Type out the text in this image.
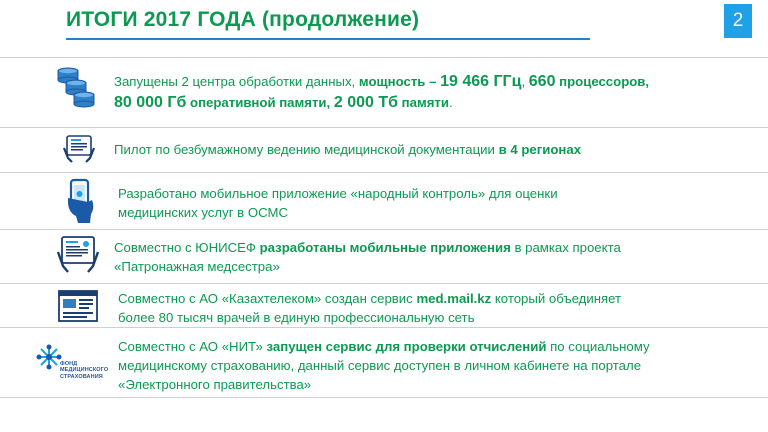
ИТОГИ 2017 ГОДА (продолжение)	2
Запущены 2 центра обработки данных, мощность – 19 466 ГГц, 660 процессоров,
80 000 Гб оперативной памяти, 2 000 Тб памяти.
Пилот по безбумажному ведению медицинской документации в 4 регионах
Разработано мобильное приложение «народный контроль» для оценки
медицинских услуг в ОСМС
Совместно с ЮНИСЕФ разработаны мобильные приложения в рамках проекта
«Патронажная медсестра»
Совместно с АО «Казахтелеком» создан сервис med.mail.kz который объединяет
более 80 тысяч врачей в единую профессиональную сеть
ФОНД МЕДИЦИНСКОГО СТРАХОВАНИЯ
Совместно с АО «НИТ» запущен сервис для проверки отчислений по социальному
медицинскому страхованию, данный сервис доступен в личном кабинете на портале
«Электронного правительства»
